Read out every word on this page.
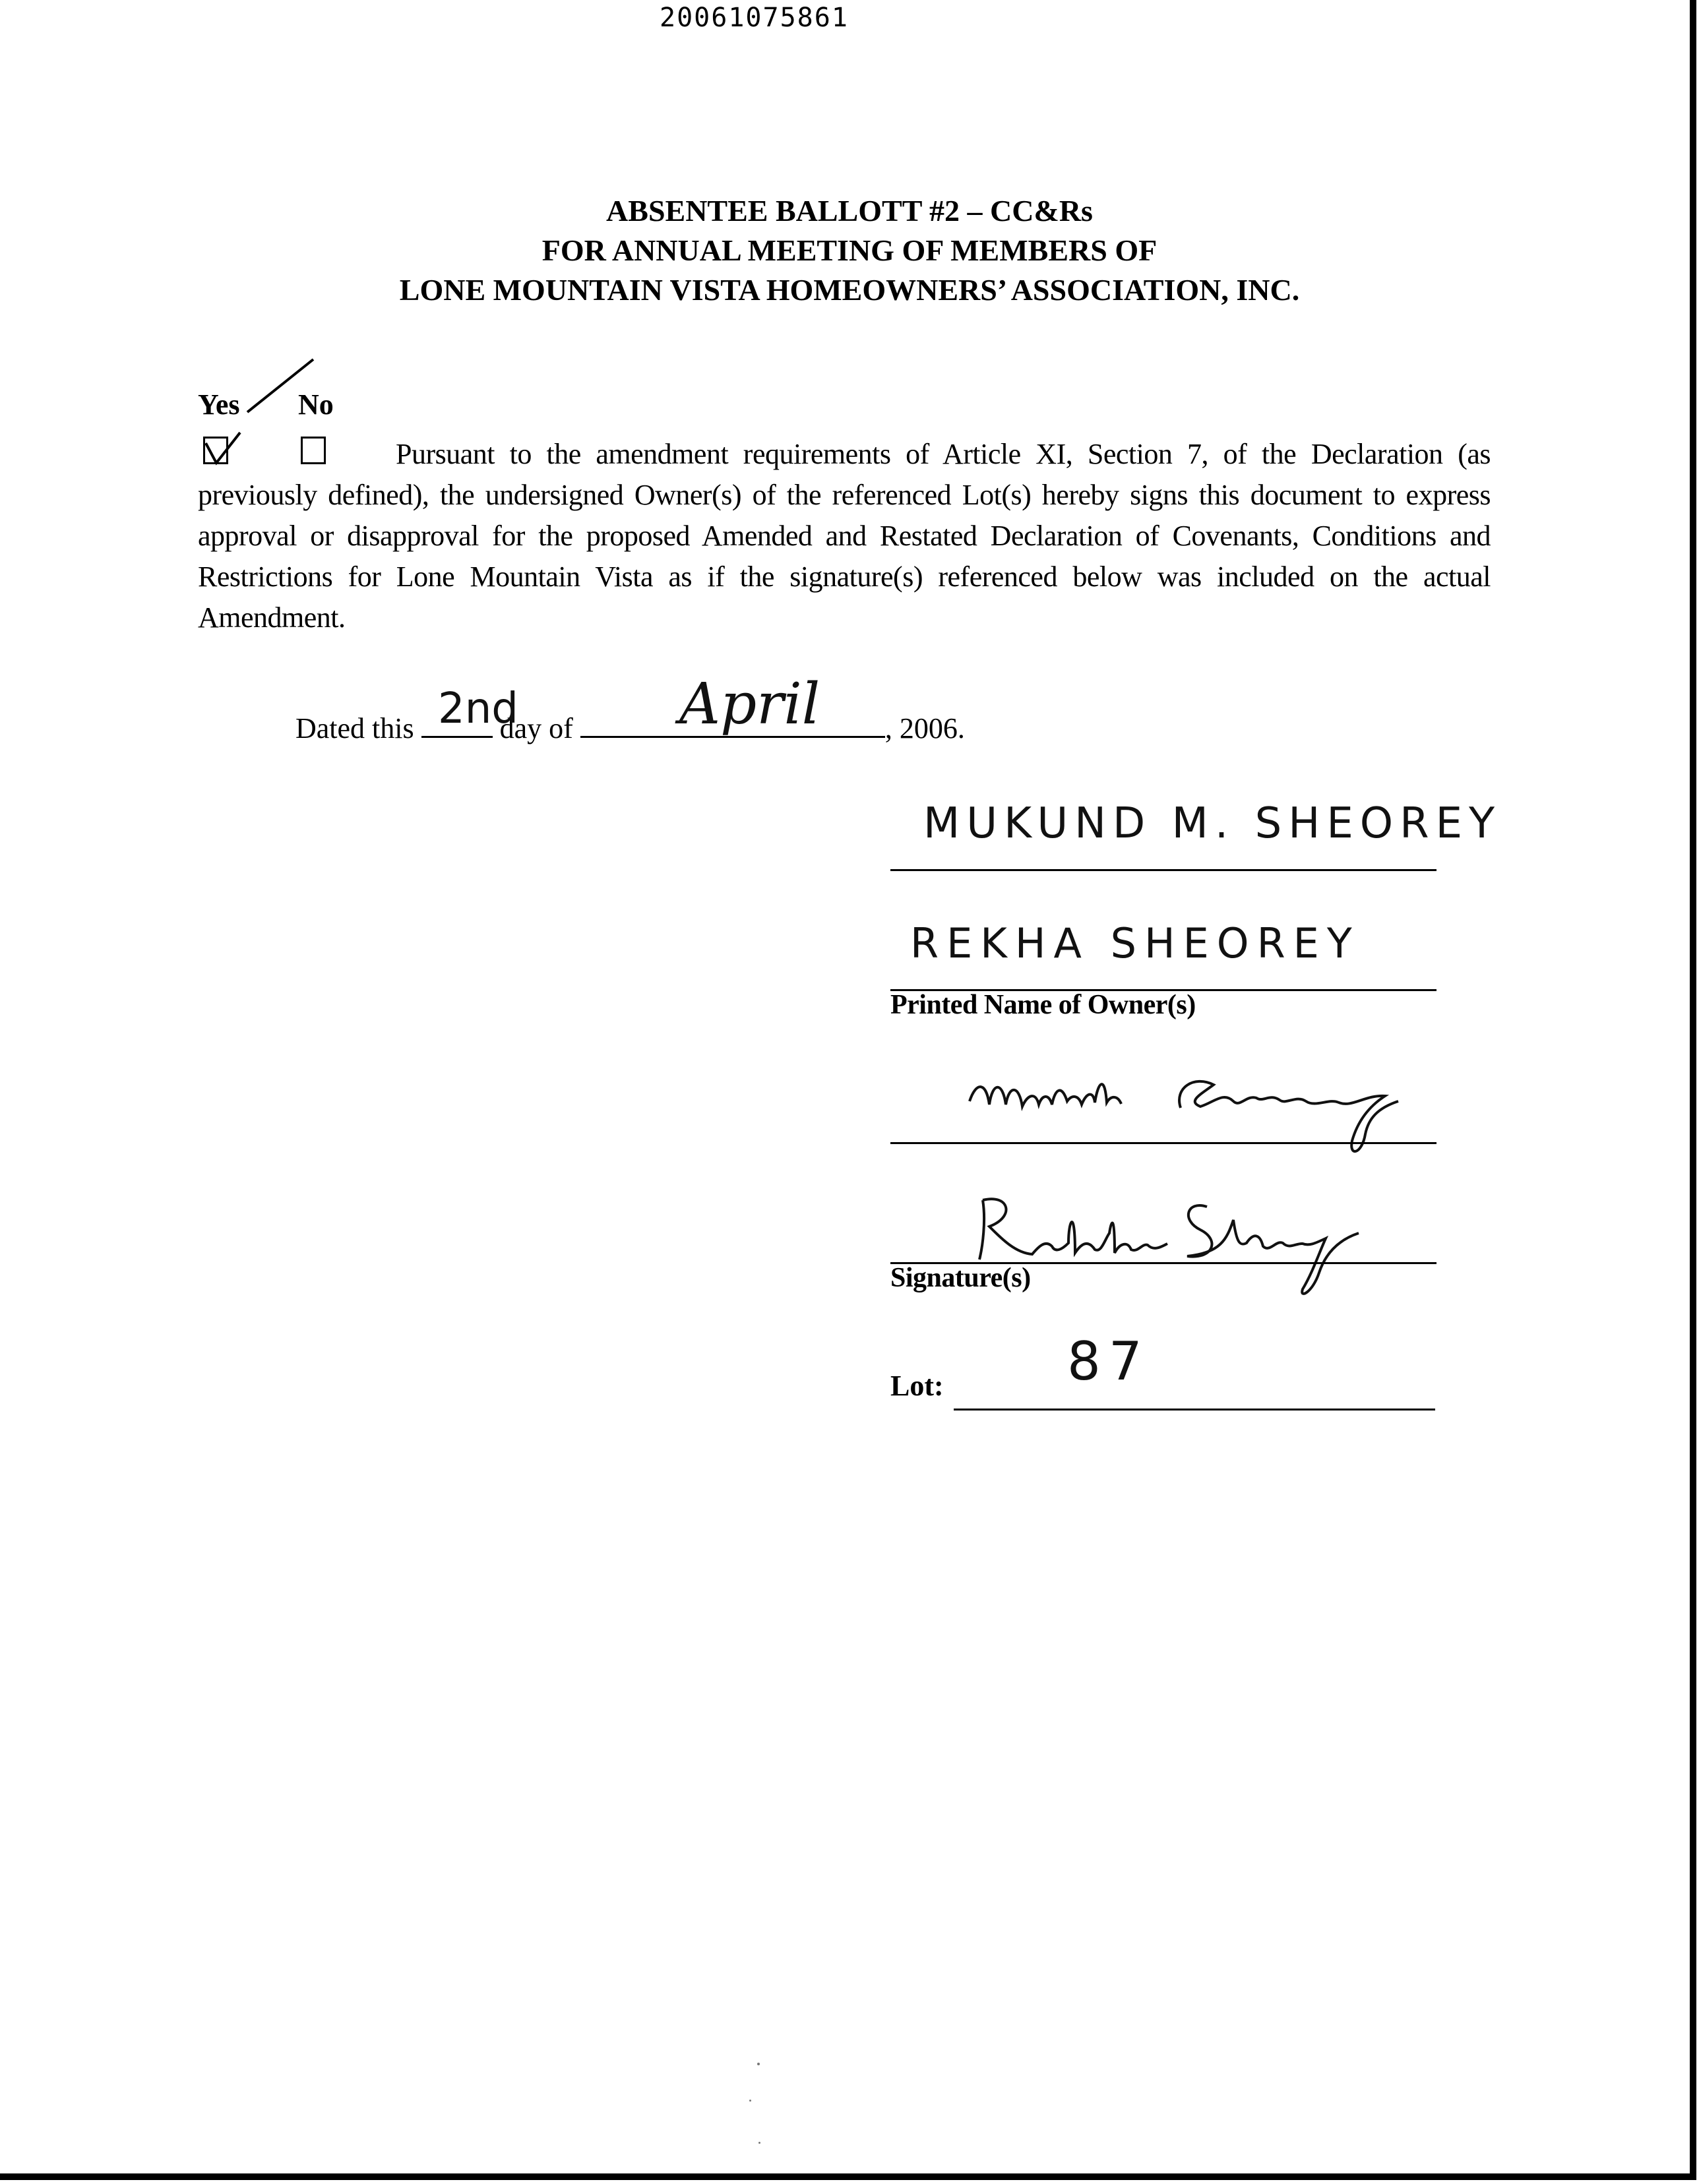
20061075861
ABSENTEE BALLOTT #2 – CC&Rs
FOR ANNUAL MEETING OF MEMBERS OF
LONE MOUNTAIN VISTA HOMEOWNERS’ ASSOCIATION, INC.
Yes No
Pursuant to the amendment requirements of Article XI, Section 7, of the Declaration (as previously defined), the undersigned Owner(s) of the referenced Lot(s) hereby signs this document to express approval or disapproval for the proposed Amended and Restated Declaration of Covenants, Conditions and Restrictions for Lone Mountain Vista as if the signature(s) referenced below was included on the actual Amendment.
Dated this	day of	, 2006.
2nd	April
MUKUND M. SHEOREY
REKHA SHEOREY
Printed Name of Owner(s)
Signature(s)
Lot: 87
